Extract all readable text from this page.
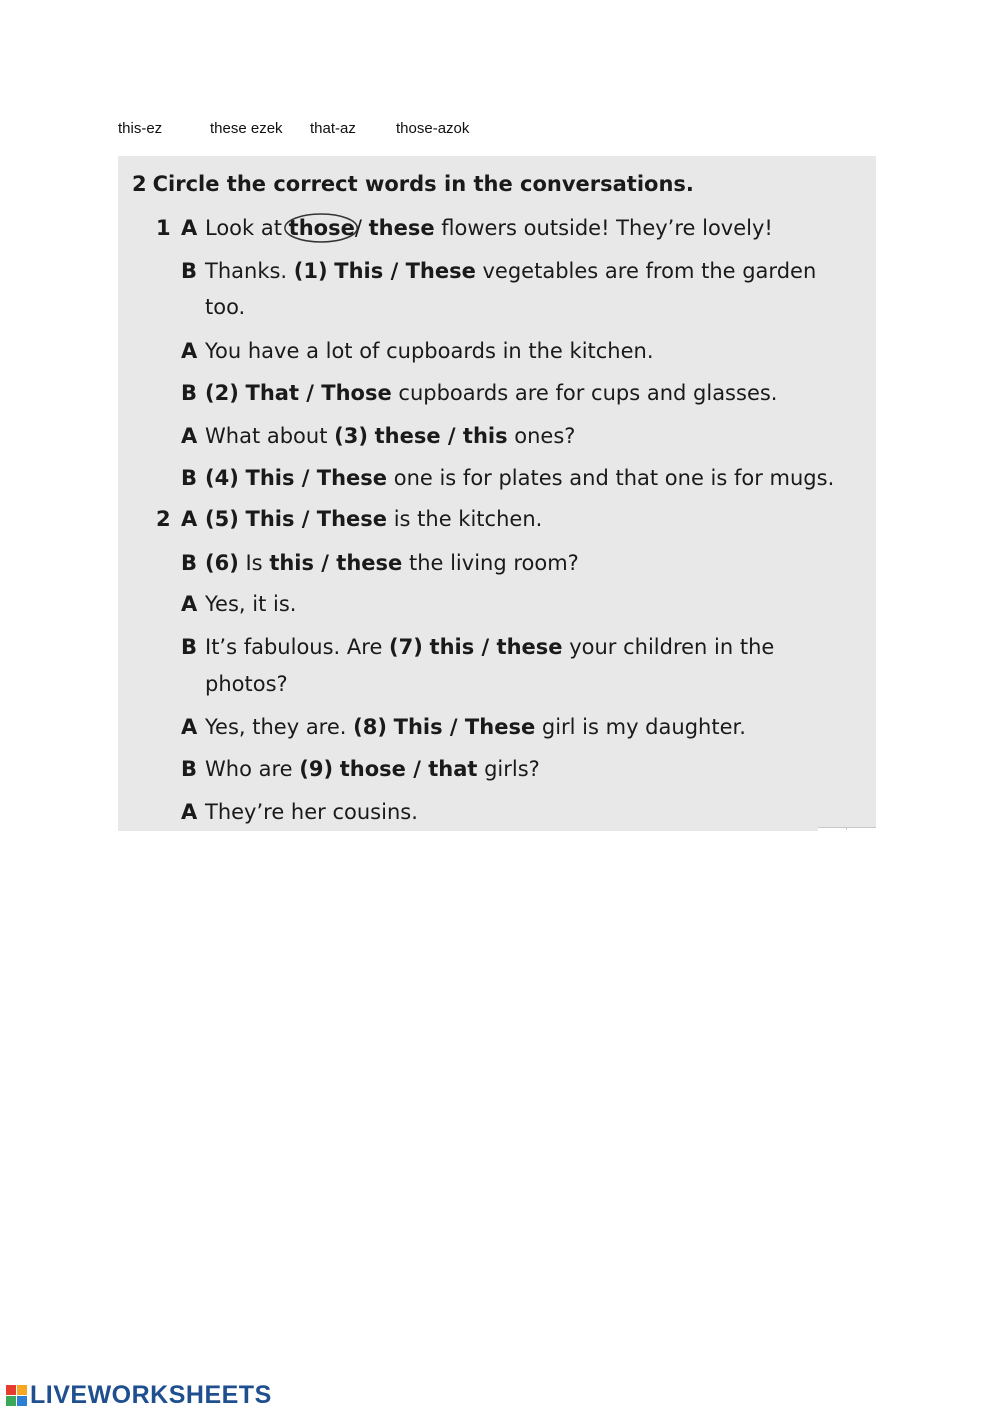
this-ez	these ezek that-az	those-azok
2 Circle the correct words in the conversations.
1 A Look at those
/ these flowers outside! They’re lovely!
B Thanks. (1) This / These vegetables are from the garden
too.
A You have a lot of cupboards in the kitchen.
B (2) That / Those cupboards are for cups and glasses.
A What about (3) these / this ones?
B (4) This / These one is for plates and that one is for mugs.
2 A (5) This / These is the kitchen.
B (6) Is this / these the living room?
A Yes, it is.
B It’s fabulous. Are (7) this / these your children in the
photos?
A Yes, they are. (8) This / These girl is my daughter.
B Who are (9) those / that girls?
A They’re her cousins.
LIVEWORKSHEETS
